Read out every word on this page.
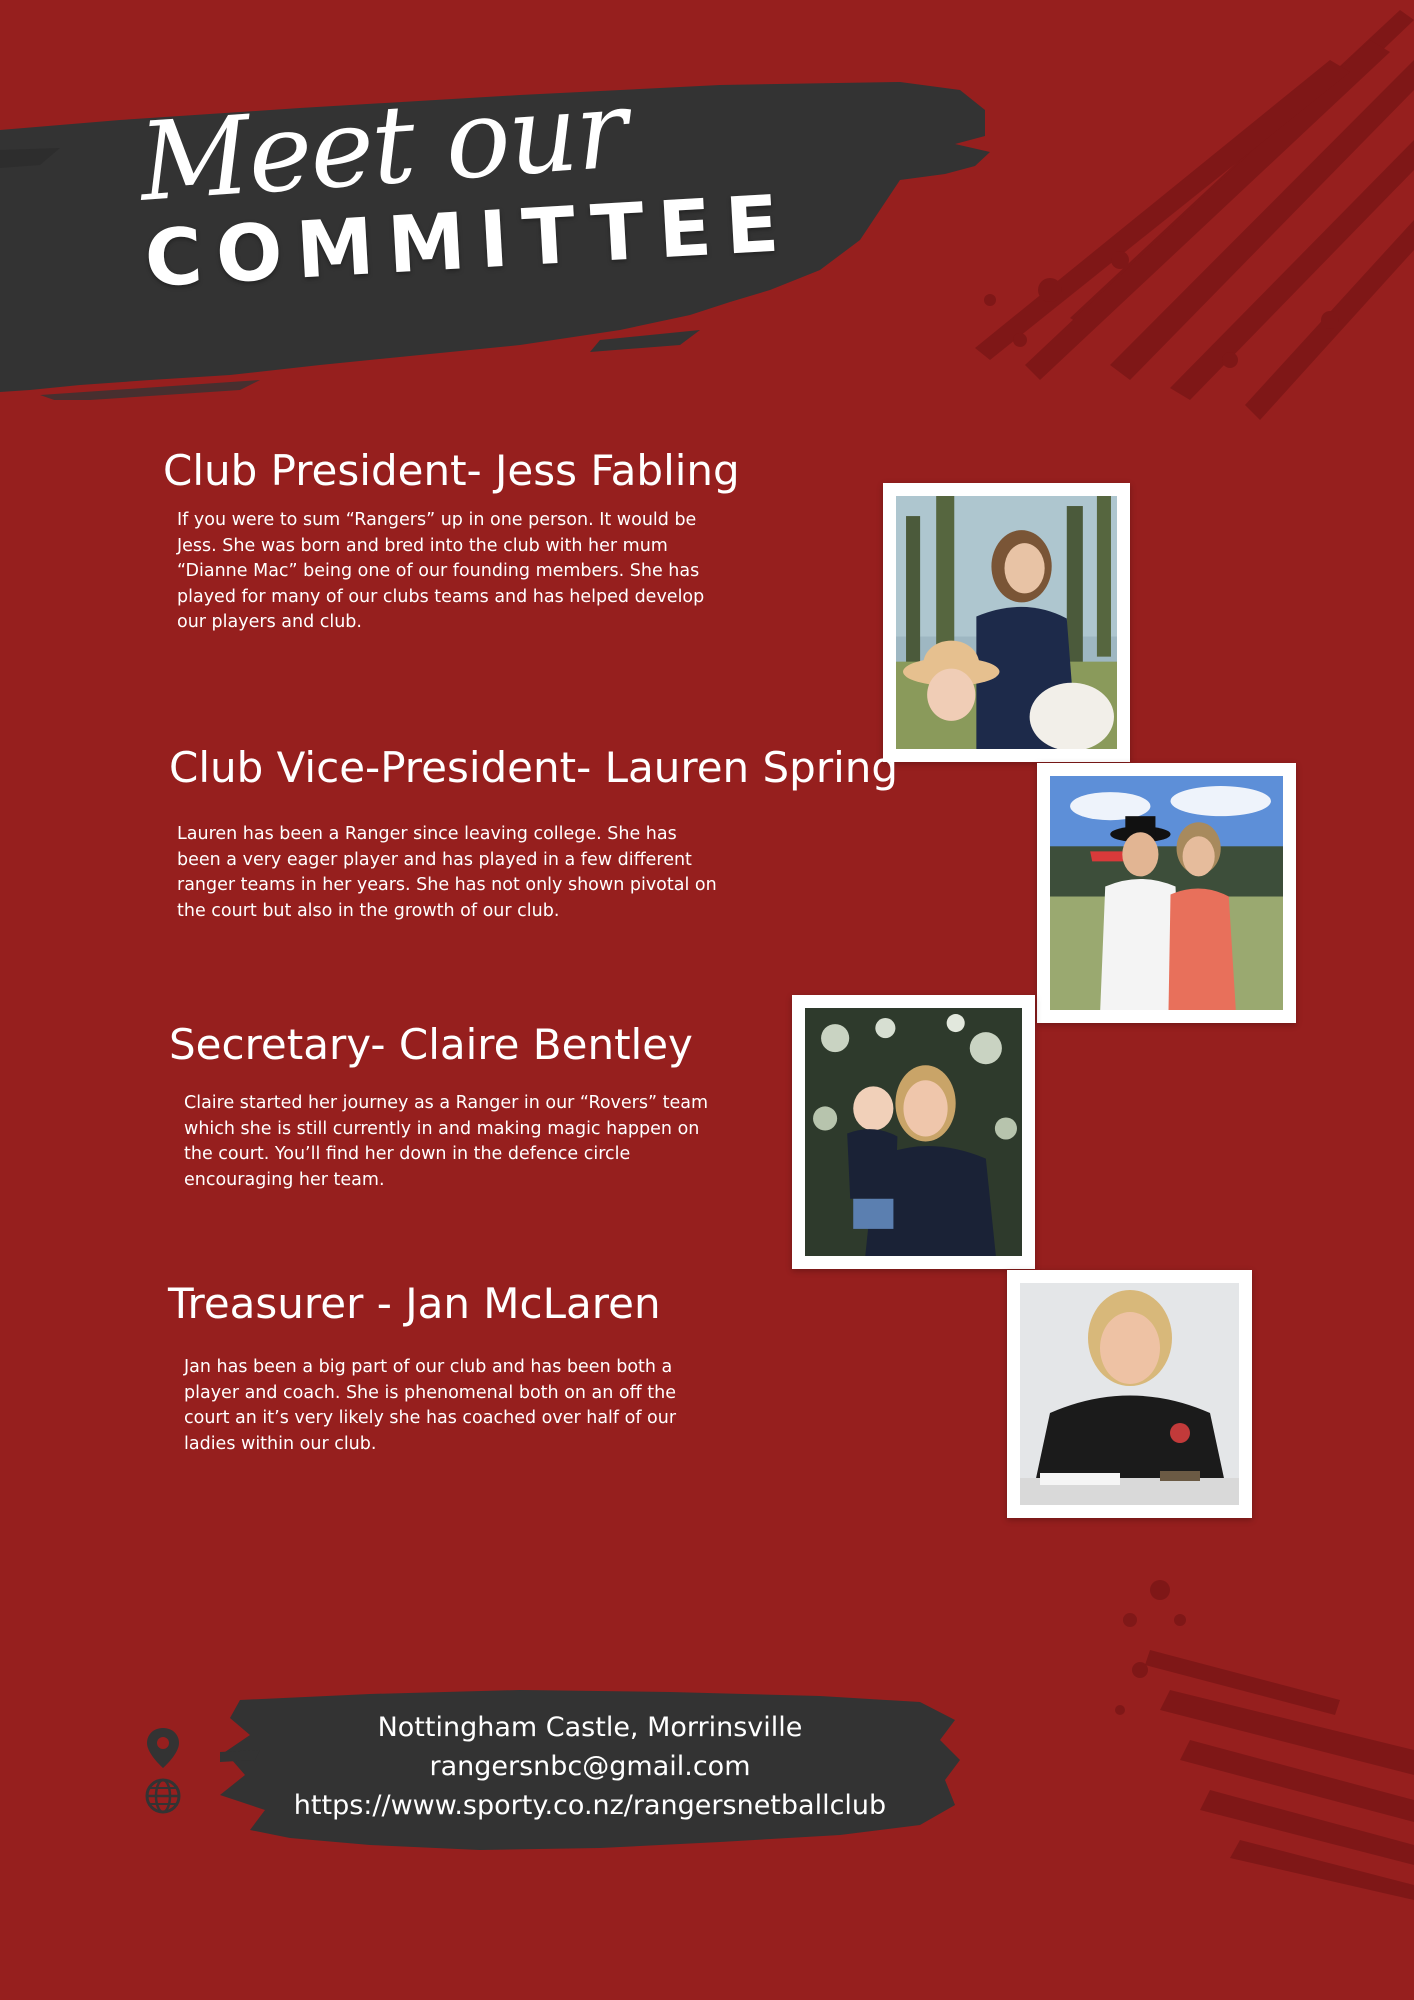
Meet our
COMMITTEE
Club President- Jess Fabling

If you were to sum “Rangers” up in one person. It would be Jess. She was born and bred into the club with her mum “Dianne Mac” being one of our founding members. She has played for many of our clubs teams and has helped develop our players and club.

Club Vice-President- Lauren Spring

Lauren has been a Ranger since leaving college. She has been a very eager player and has played in a few different ranger teams in her years. She has not only shown pivotal on the court but also in the growth of our club.

Secretary- Claire Bentley

Claire started her journey as a Ranger in our “Rovers” team which she is still currently in and making magic happen on the court. You’ll find her down in the defence circle encouraging her team.

Treasurer - Jan McLaren

Jan has been a big part of our club and has been both a player and coach. She is phenomenal both on an off the court an it’s very likely she has coached over half of our ladies within our club.

Nottingham Castle, Morrinsville
rangersnbc@gmail.com
https://www.sporty.co.nz/rangersnetballclub
